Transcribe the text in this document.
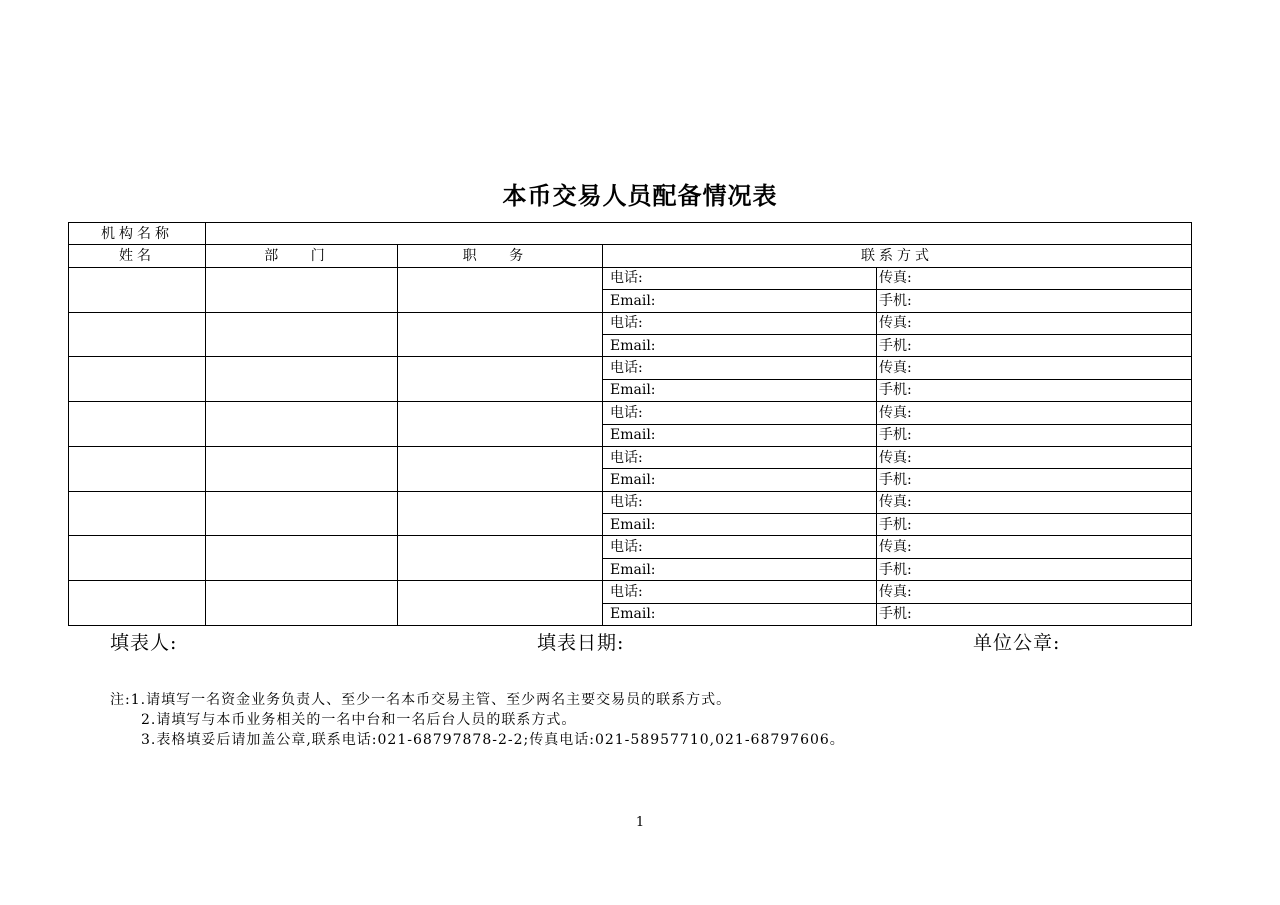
本币交易人员配备情况表
机构名称				
姓名	部 门	职 务	联系方式	
			电话:	传真:
			Email:	手机:
			电话:	传真:
			Email:	手机:
			电话:	传真:
			Email:	手机:
			电话:	传真:
			Email:	手机:
			电话:	传真:
			Email:	手机:
			电话:	传真:
			Email:	手机:
			电话:	传真:
			Email:	手机:
			电话:	传真:
			Email:	手机:
填表人:	填表日期:	单位公章:
注:1.请填写一名资金业务负责人、至少一名本币交易主管、至少两名主要交易员的联系方式。
2.请填写与本币业务相关的一名中台和一名后台人员的联系方式。
3.表格填妥后请加盖公章,联系电话:021-68797878-2-2;传真电话:021-58957710,021-68797606。
1
